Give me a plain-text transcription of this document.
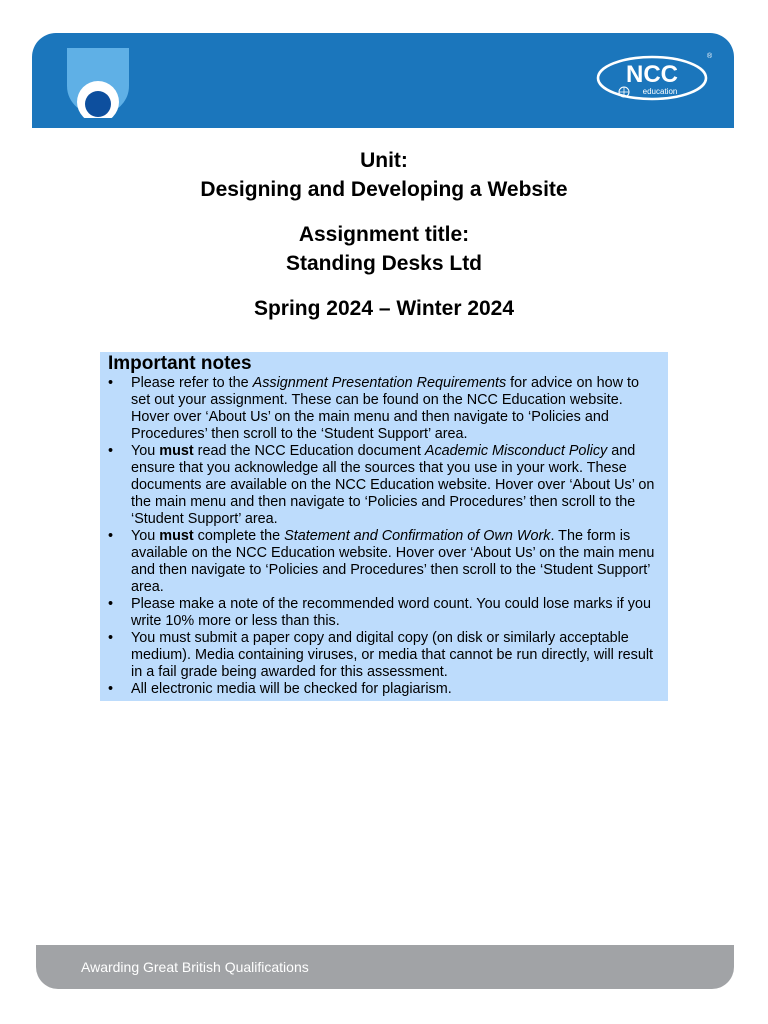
NCC
education
®
Unit:
Designing and Developing a Website
Assignment title:
Standing Desks Ltd
Spring 2024 – Winter 2024
Important notes
•	Please refer to the Assignment Presentation Requirements for advice on how to set out your assignment. These can be found on the NCC Education website. Hover over ‘About Us’ on the main menu and then navigate to ‘Policies and Procedures’ then scroll to the ‘Student Support’ area.
•	You must read the NCC Education document Academic Misconduct Policy and ensure that you acknowledge all the sources that you use in your work. These documents are available on the NCC Education website. Hover over ‘About Us’ on the main menu and then navigate to ‘Policies and Procedures’ then scroll to the ‘Student Support’ area.
•	You must complete the Statement and Confirmation of Own Work. The form is available on the NCC Education website. Hover over ‘About Us’ on the main menu and then navigate to ‘Policies and Procedures’ then scroll to the ‘Student Support’ area.
•	Please make a note of the recommended word count. You could lose marks if you write 10% more or less than this.
•	You must submit a paper copy and digital copy (on disk or similarly acceptable medium). Media containing viruses, or media that cannot be run directly, will result in a fail grade being awarded for this assessment.
•	All electronic media will be checked for plagiarism.
Awarding Great British Qualifications
